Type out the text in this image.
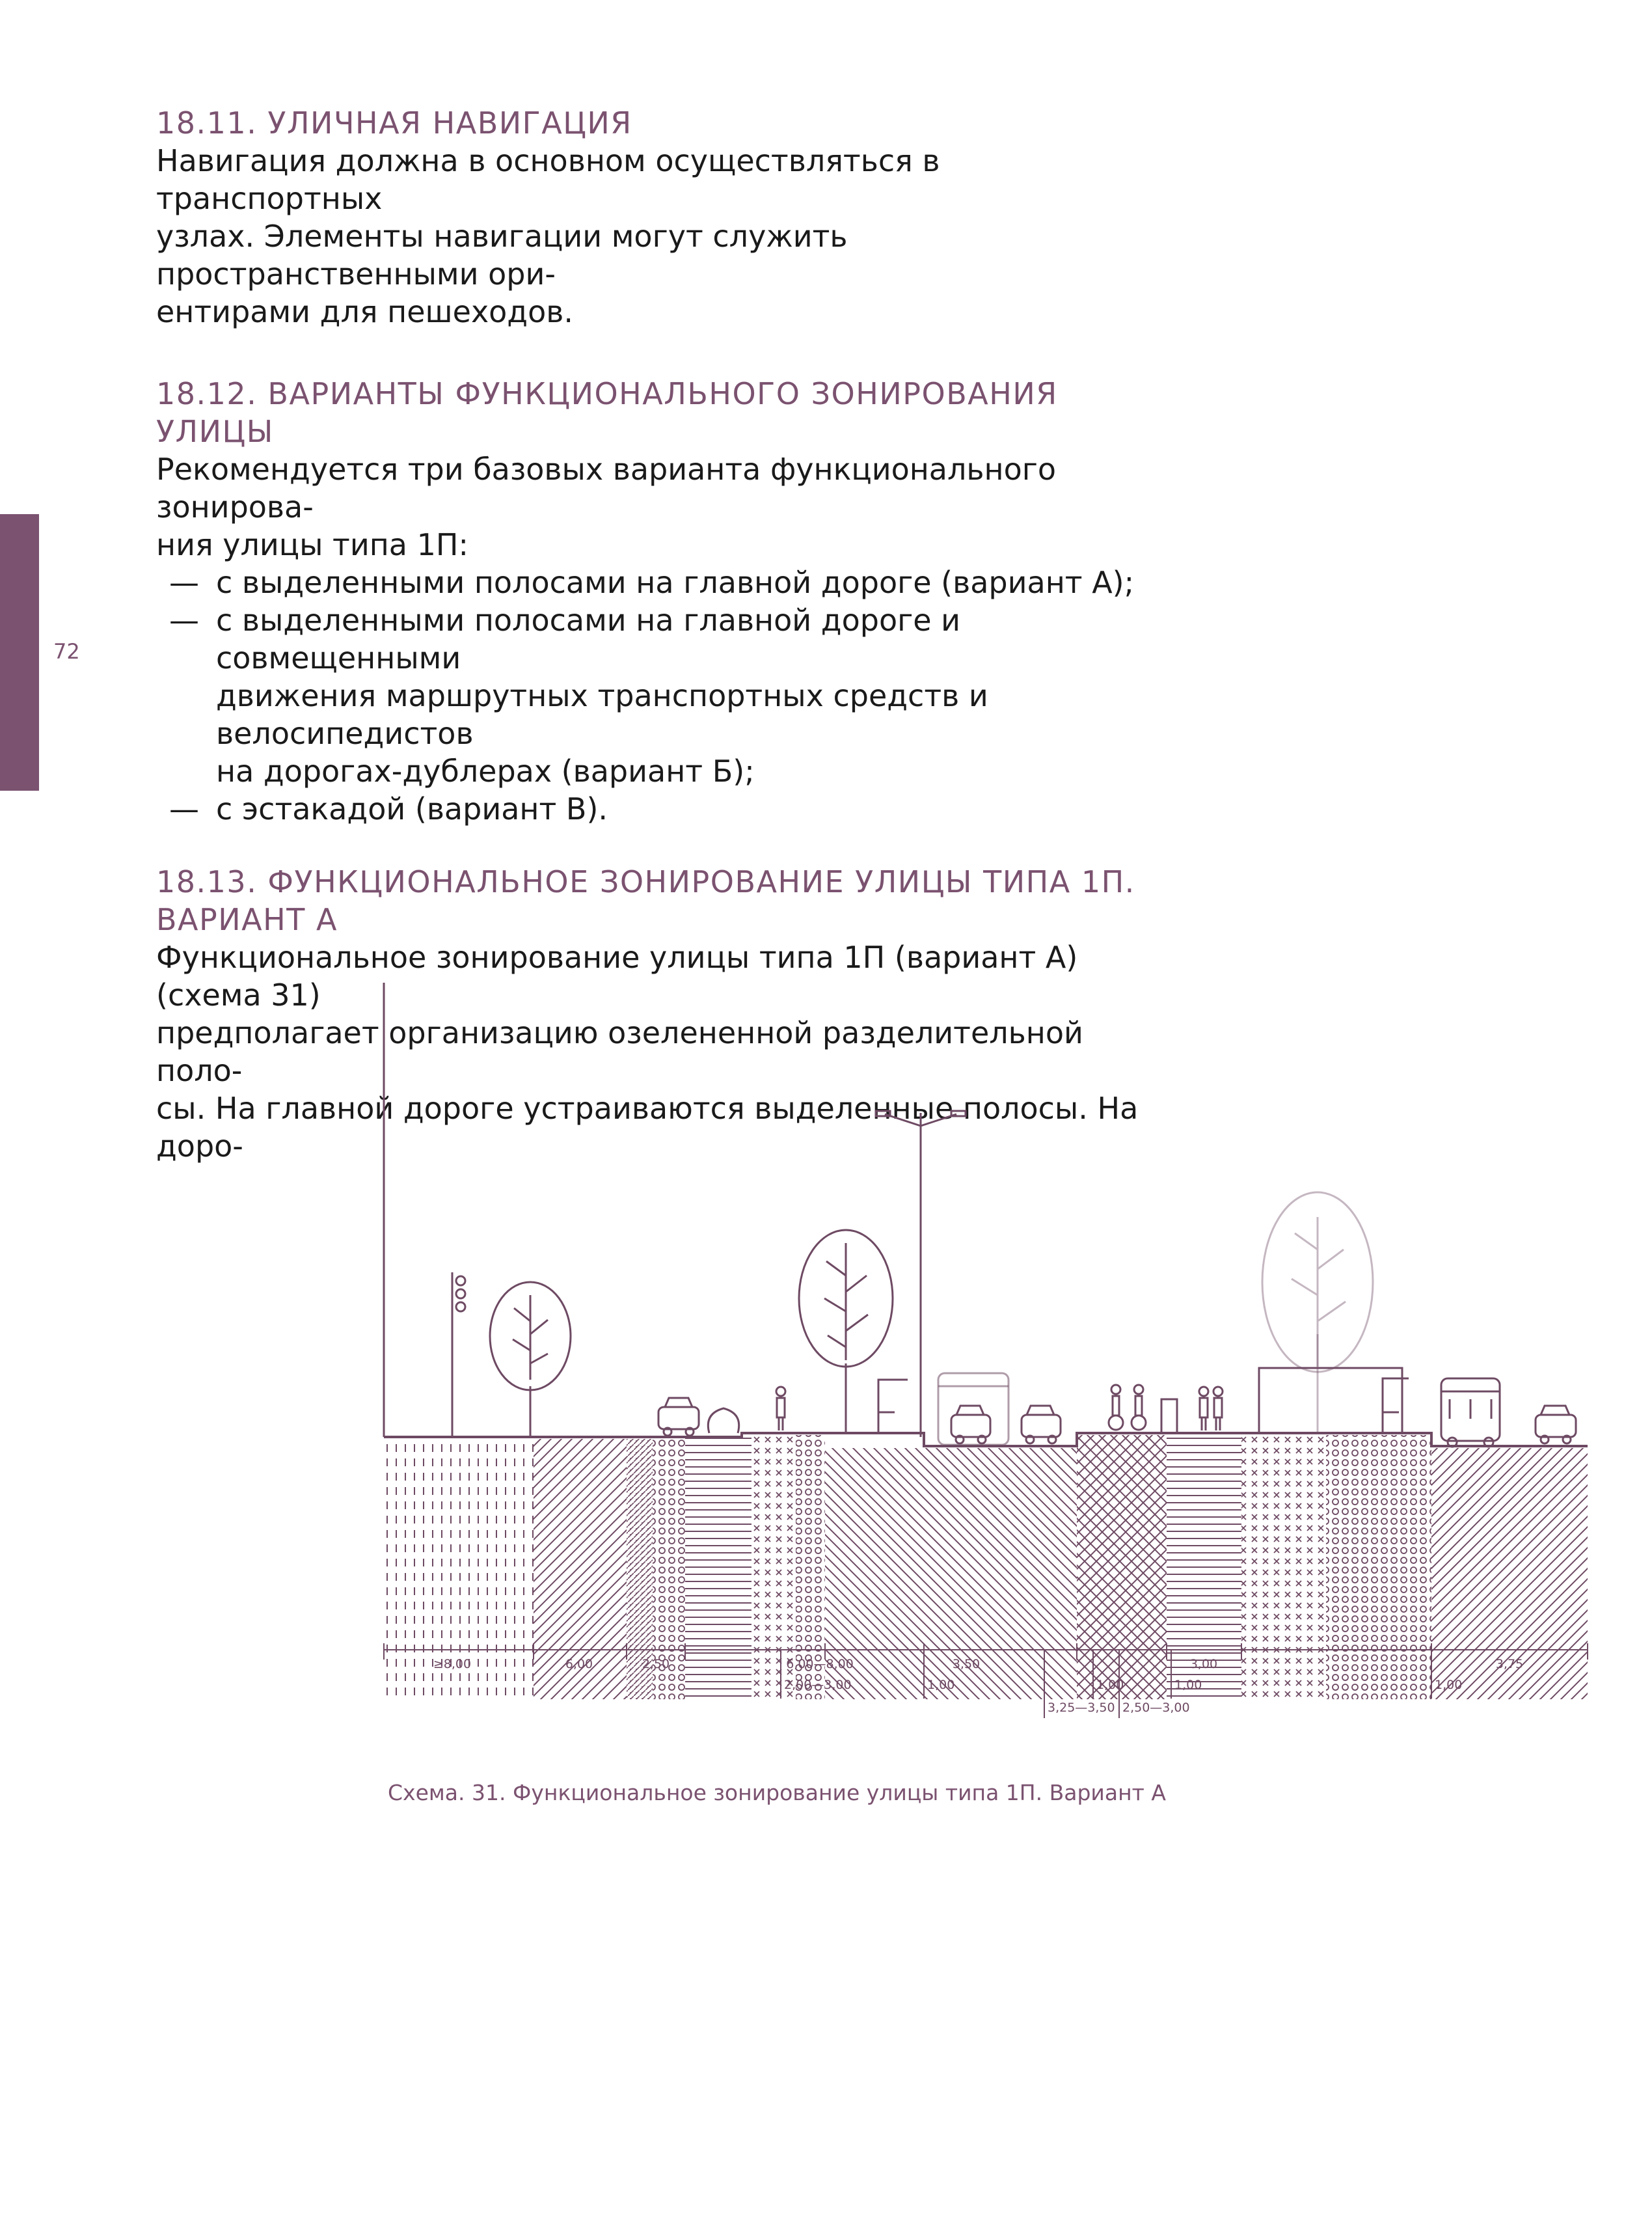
72
18.11. УЛИЧНАЯ НАВИГАЦИЯ

Навигация должна в основном осуществляться в транспортных

узлах. Элементы навигации могут служить пространственными ори-

ентирами для пешеходов.

18.12. ВАРИАНТЫ ФУНКЦИОНАЛЬНОГО ЗОНИРОВАНИЯ
УЛИЦЫ

Рекомендуется три базовых варианта функционального зонирова-

ния улицы типа 1П:

— с выделенными полосами на главной дороге (вариант А);
— с выделенными полосами на главной дороге и совмещенными
движения маршрутных транспортных средств и велосипедистов
на дорогах-дублерах (вариант Б);
— с эстакадой (вариант В).
18.13. ФУНКЦИОНАЛЬНОЕ ЗОНИРОВАНИЕ УЛИЦЫ ТИПА 1П.
ВАРИАНТ А

Функциональное зонирование улицы типа 1П (вариант А) (схема 31)

предполагает организацию озелененной разделительной поло-

сы. На главной дороге устраиваются выделенные полосы. На доро-

≥8,00	6,00	2,50	6,00—8,00	3,50	3,00	3,75
2,00—3,00	1,00	1,00	1,00	1,00
3,25—3,50 2,50—3,00
Схема. 31. Функциональное зонирование улицы типа 1П. Вариант А
